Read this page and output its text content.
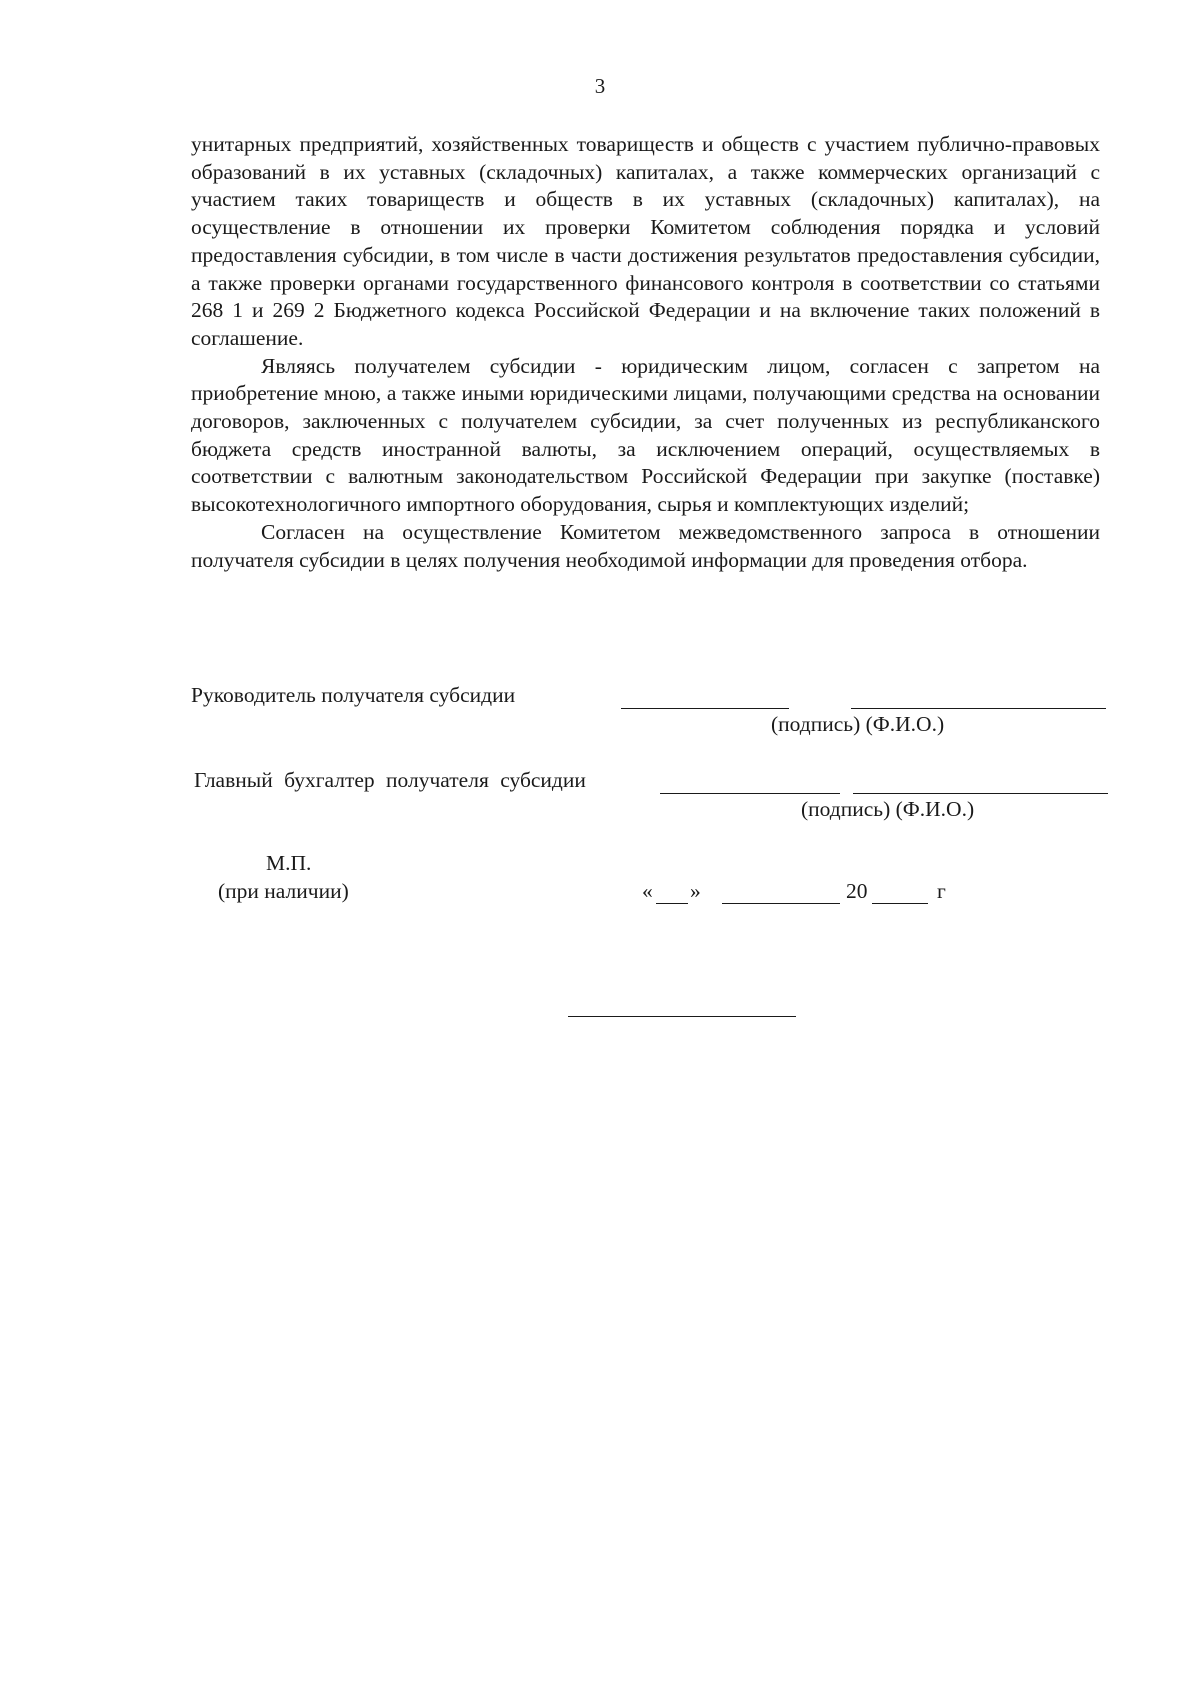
3

унитарных предприятий, хозяйственных товариществ и обществ с участием публично-правовых образований в их уставных (складочных) капиталах, а также коммерческих организаций с участием таких товариществ и обществ в их уставных (складочных) капиталах), на осуществление в отношении их проверки Комитетом соблюдения порядка и условий предоставления субсидии, в том числе в части достижения результатов предоставления субсидии, а также проверки органами государственного финансового контроля в соответствии со статьями 268 1 и 269 2 Бюджетного кодекса Российской Федерации и на включение таких положений в соглашение.

Являясь получателем субсидии - юридическим лицом, согласен с запретом на приобретение мною, а также иными юридическими лицами, получающими средства на основании договоров, заключенных с получателем субсидии, за счет полученных из республиканского бюджета средств иностранной валюты, за исключением операций, осуществляемых в соответствии с валютным законодательством Российской Федерации при закупке (поставке) высокотехнологичного импортного оборудования, сырья и комплектующих изделий;

Согласен на осуществление Комитетом межведомственного запроса в отношении получателя субсидии в целях получения необходимой информации для проведения отбора.

Руководитель получателя субсидии
(подпись) (Ф.И.О.)
Главный бухгалтер получателя субсидии
(подпись) (Ф.И.О.)
М.П.
(при наличии)	« »	20	г
